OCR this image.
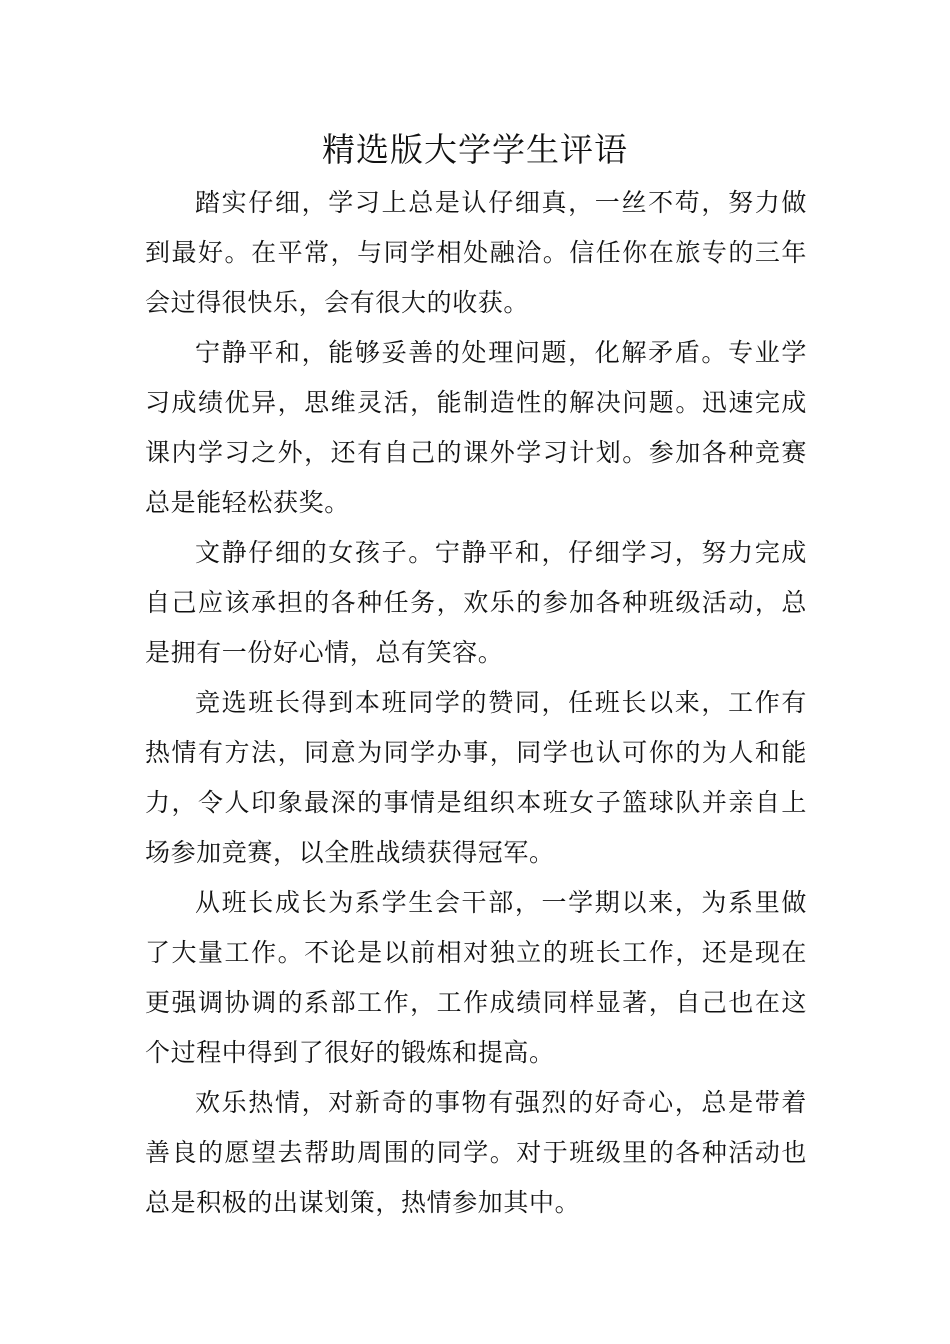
精选版大学学生评语

踏实仔细，学习上总是认仔细真，一丝不苟，努力做到最好。在平常，与同学相处融洽。信任你在旅专的三年会过得很快乐，会有很大的收获。

宁静平和，能够妥善的处理问题，化解矛盾。专业学习成绩优异，思维灵活，能制造性的解决问题。迅速完成课内学习之外，还有自己的课外学习计划。参加各种竞赛总是能轻松获奖。

文静仔细的女孩子。宁静平和，仔细学习，努力完成自己应该承担的各种任务，欢乐的参加各种班级活动，总是拥有一份好心情，总有笑容。

竞选班长得到本班同学的赞同，任班长以来，工作有热情有方法，同意为同学办事，同学也认可你的为人和能力，令人印象最深的事情是组织本班女子篮球队并亲自上场参加竞赛，以全胜战绩获得冠军。

从班长成长为系学生会干部，一学期以来，为系里做了大量工作。不论是以前相对独立的班长工作，还是现在更强调协调的系部工作，工作成绩同样显著，自己也在这个过程中得到了很好的锻炼和提高。

欢乐热情，对新奇的事物有强烈的好奇心，总是带着善良的愿望去帮助周围的同学。对于班级里的各种活动也总是积极的出谋划策，热情参加其中。
